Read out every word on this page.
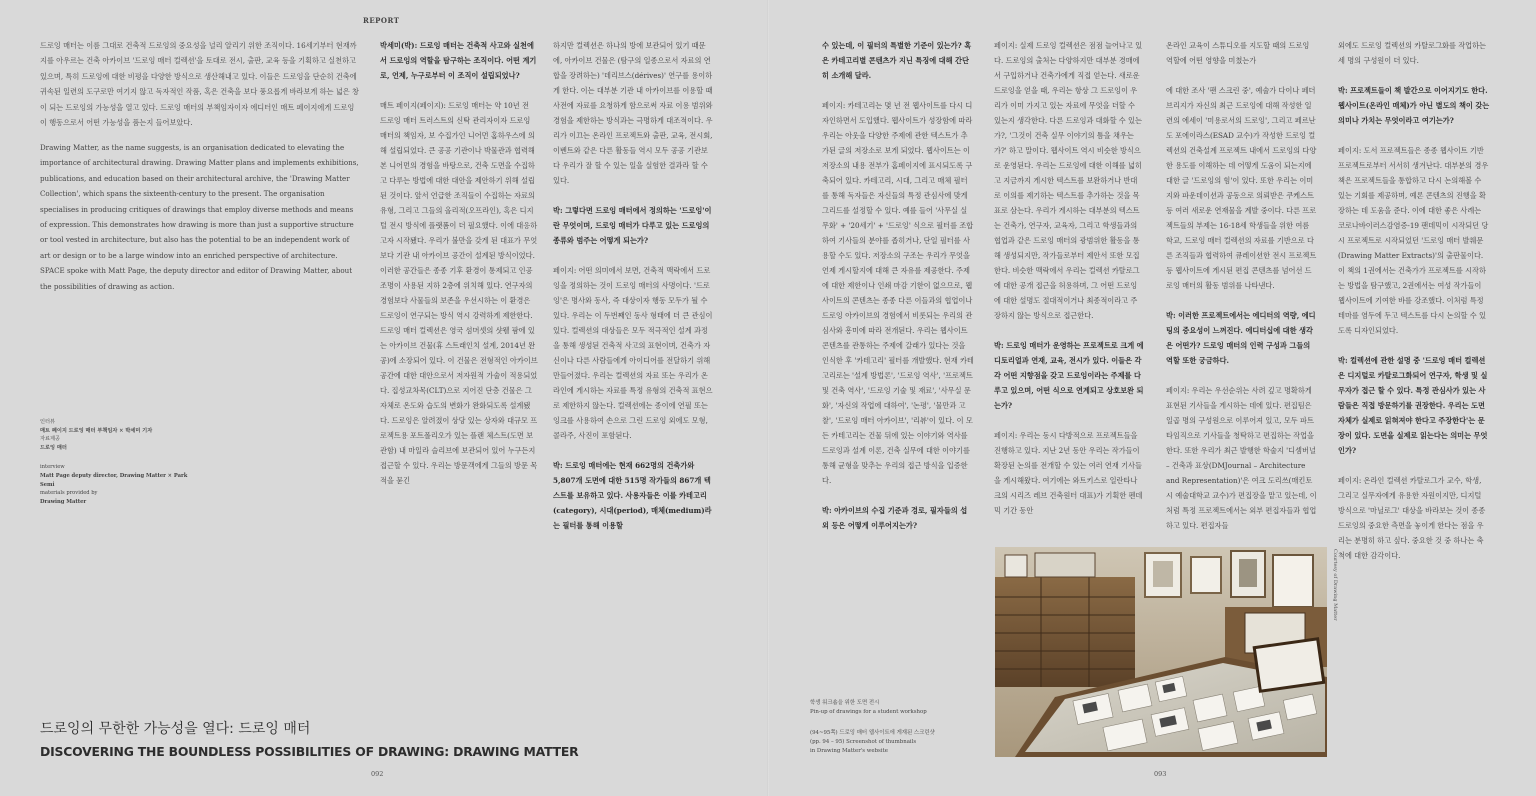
REPORT
드로잉 매터는 이름 그대로 건축적 드로잉의 중요성을 널리 알리기 위한 조직이다. 16세기부터 현재까지를 아우르는 건축 아카이브 '드로잉 매터 컬렉션'을 토대로 전시, 출판, 교육 등을 기획하고 실천하고 있으며, 특히 드로잉에 대한 비평을 다양한 방식으로 생산해내고 있다. 이들은 드로잉을 단순히 건축에 귀속된 일련의 도구로만 여기지 않고 독자적인 작품, 혹은 건축을 보다 풍요롭게 바라보게 하는 넓은 창이 되는 드로잉의 가능성을 열고 있다. 드로잉 매터의 부책임자이자 에디터인 매트 페이지에게 드로잉이 행동으로서 어떤 가능성을 품는지 들어보았다.
Drawing Matter, as the name suggests, is an organisation dedicated to elevating the importance of architectural drawing. Drawing Matter plans and implements exhibitions, publications, and education based on their architectural archive, the 'Drawing Matter Collection', which spans the sixteenth-century to the present. The organisation specialises in producing critiques of drawings that employ diverse methods and means of expression. This demonstrates how drawing is more than just a supportive structure or tool vested in architecture, but also has the potential to be an independent work of art or design or to be a large window into an enriched perspective of architecture. SPACE spoke with Matt Page, the deputy director and editor of Drawing Matter, about the possibilities of drawing as action.
인터뷰
매트 페이지 드로잉 매터 부책임자 × 박세미 기자
자료제공
드로잉 매터
interview
Matt Page deputy director, Drawing Matter × Park Semi
materials provided by
Drawing Matter
드로잉의 무한한 가능성을 열다: 드로잉 매터
DISCOVERING THE BOUNDLESS POSSIBILITIES OF DRAWING: DRAWING MATTER
092	093

박세미(박): 드로잉 매터는 건축적 사고와 실천에서 드로잉의 역할을 탐구하는 조직이다. 어떤 계기로, 언제, 누구로부터 이 조직이 설립되었나?

매트 페이지(페이지): 드로잉 매터는 약 10년 전 드로잉 매터 트러스트의 신탁 관리자이자 드로잉 매터의 책임자, 보 수집가인 니어먼 홈하우스에 의해 설립되었다. 큰 공공 기관이나 박물관과 협력해본 니어먼의 경험을 바탕으로, 건축 도면을 수집하고 다루는 방법에 대한 대안을 제안하기 위해 설립된 것이다. 앞서 언급한 조직들이 수집하는 자료의 유형, 그리고 그들의 올리적(오프라인), 혹은 디지털 전시 방식에 플랫폼이 더 필요했다. 이에 대응하고자 시작됐다. 우리가 불만을 갖게 된 대표가 무엇보다 기관 내 아카이브 공간이 설계된 방식이었다. 이러한 공간들은 종종 기후 환경이 통제되고 인공 조명이 사용된 지하 2층에 위치해 있다. 연구자의 경험보다 사물들의 보존을 우선시하는 이 환경은 드로잉이 연구되는 방식 역시 강력하게 제한한다. 드로잉 매터 컬렉션은 영국 섬머셋의 샷웰 팜에 있는 아카이브 건물(휴 스트래인치 설계, 2014년 완공)에 소장되어 있다. 이 건물은 전형적인 아카이브 공간에 대한 대안으로서 저자원적 가술이 적용되었다. 집성교차목(CLT)으로 지어진 단층 건물은 그 자체로 온도와 습도의 변화가 완화되도록 설계됐다. 드로잉은 알려졌이 상당 있는 상자와 대규모 프로젝트용 포트폴리오가 있는 플랜 체스트(도면 보관함) 내 마일라 슬리브에 보관되어 있어 누구든지 접근할 수 있다. 우리는 방문객에게 그들의 방문 목적을 묻긴

하지만 컬렉션은 하나의 방에 보관되어 있기 때문에, 아카이브 건물은 (탐구의 일종으로서 자료의 연합을 장려하는) '데리브스(dérives)' 연구를 용이하게 한다. 이는 대부분 기관 내 아카이브를 이용할 때 사전에 자료를 요청하게 함으로써 자료 이용 범위와 경험을 제한하는 방식과는 극명하게 대조적이다. 우리가 이끄는 온라인 프로젝트와 출판, 교육, 전시회, 이벤트와 같은 다른 활동들 역시 모두 공공 기관보다 우리가 잘 할 수 있는 일을 실험한 결과라 할 수 있다.

박: 그렇다면 드로잉 매터에서 정의하는 '드로잉'이란 무엇이며, 드로잉 매터가 다루고 있는 드로잉의 종류와 범주는 어떻게 되는가?

페이지: 어떤 의미에서 보면, 건축적 맥락에서 드로잉을 정의하는 것이 드로잉 매터의 사명이다. '드로잉'은 명사와 동사, 즉 대상이자 행동 모두가 될 수 있다. 우리는 이 두번째인 동사 형태에 더 큰 관심이 있다. 컬렉션의 대상들은 모두 적극적인 설계 과정을 통해 생성된 건축적 사고의 표현이며, 건축가 자신이나 다른 사람들에게 아이디어를 전달하기 위해 만들어졌다. 우리는 컬렉션의 자료 또는 우리가 온라인에 게시하는 자료를 특정 유형의 건축적 표현으로 제한하지 않는다. 컬렉션에는 종이에 연필 또는 잉크를 사용하여 손으로 그린 드로잉 외에도 모형, 콜라주, 사진이 포함된다.

박: 드로잉 매터에는 현재 662명의 건축가와 5,807개 도면에 대한 515명 작가들의 867개 텍스트를 보유하고 있다. 사용자들은 이를 카테고리(category), 시대(period), 매체(medium)라는 필터를 통해 이용할

수 있는데, 이 필터의 특별한 기준이 있는가? 혹은 카테고리별 콘텐츠가 지닌 특징에 대해 간단히 소개해 달라.

페이지: 카테고리는 몇 년 전 웹사이트를 다시 디자인하면서 도입했다. 웹사이트가 성장함에 따라 우리는 아웃을 다양한 주제에 관한 텍스트가 추가된 글의 저장소로 보게 되었다. 웹사이트는 이 저장소의 내용 전부가 홈페이지에 표시되도록 구축되어 있다. 카테고리, 시대, 그리고 매체 필터를 통해 독자들은 자신들의 특정 관심사에 맞게 그리드를 설정할 수 있다. 예를 들어 '사무실 실무화' + '20세기' + '드로잉' 식으로 필터를 조합하여 기사들의 분야를 좁히거나, 단일 필터를 사용할 수도 있다. 저장소의 구조는 우리가 무엇을 언제 게시할지에 대해 큰 자유를 제공한다. 주제에 대한 제한이나 인쇄 마감 기한이 없으므로, 웹사이트의 콘텐츠는 종종 다른 이들과의 협업이나 드로잉 아카이브의 경험에서 비롯되는 우리의 관심사와 흥미에 따라 전개된다. 우리는 웹사이트 콘텐츠를 관통하는 주제에 갈래가 있다는 것을 인식한 후 '카테고리' 필터를 개발했다. 현재 카테고리로는 '설계 방법론', '드로잉 역사', '프로젝트 및 건축 역사', '드로잉 기술 및 재료', '사무실 문화', '자신의 작업에 대하여', '논평', '물만과 고찰', '드로잉 매터 아카이브', '리뷰'이 있다. 이 모든 카테고리는 건물 뒤에 있는 이야기와 역사를 드로잉과 설계 이론, 건축 실무에 대한 이야기를 통해 균형을 맞추는 우리의 접근 방식을 입증한다.

박: 아카이브의 수집 기준과 경로, 필자들의 섭외 등은 어떻게 이루어지는가?

페이지: 실제 드로잉 컬렉션은 점점 늘어나고 있다. 드로잉의 출처는 다양하지만 대부분 경매에서 구입하거나 건축가에게 직접 얻는다. 새로운 드로잉을 얻을 때, 우리는 항상 그 드로잉이 우리가 이미 가지고 있는 자료에 무엇을 더할 수 있는지 생각한다. 다른 드로잉과 대화할 수 있는가?, '그것이 건축 실무 이야기의 틈을 채우는가?' 하고 말이다. 웹사이트 역시 비슷한 방식으로 운영된다. 우리는 드로잉에 대한 이해를 넓히고 지금까지 게시한 텍스트를 보완하거나 반대로 이의를 제기하는 텍스트를 추가하는 것을 목표로 삼는다. 우리가 게시하는 대부분의 텍스트는 건축가, 연구자, 교육자, 그리고 학생들과의 협업과 같은 드로잉 매터의 광범위한 활동을 통해 생성되지만, 작가들로부터 제안서 또한 모집한다. 비슷한 맥락에서 우리는 컬렉션 카탈로그에 대한 공개 접근을 허용하며, 그 어떤 드로잉에 대한 설명도 절대적이거나 최종적이라고 주장하지 않는 방식으로 접근한다.

박: 드로잉 매터가 운영하는 프로젝트로 크게 에디토리얼과 연재, 교육, 전시가 있다. 이들은 각각 어떤 지향점을 갖고 드로잉이라는 주제를 다루고 있으며, 어떤 식으로 연계되고 상호보완 되는가?

페이지: 우리는 동시 다방적으로 프로젝트들을 진행하고 있다. 지난 2년 동안 우리는 작가들이 확장된 논의를 전개할 수 있는 여러 연재 기사들을 게시해왔다. 여기에는 와트키스로 일란타나크의 시리즈 레브 건축원터 대표)가 기획한 펜데믹 기간 동안

온라인 교육이 스튜디오를 지도할 때의 드로잉 역할에 어떤 영향을 미쳤는가

에 대한 조사 '팬 스크린 중', 예술가 다이나 페더브리지가 자신의 최근 드로잉에 대해 작성한 일련의 에세이 '미용로서의 드로잉', 그리고 페르난도 포에이라스(ESAD 교수)가 작성한 드로잉 컬렉션의 건축설계 프로젝트 내에서 드로잉의 다양한 용도를 이해하는 데 어떻게 도움이 되는지에 대한 글 '드로잉의 힘'이 있다. 또한 우리는 이미지와 파운데이션과 공동으로 의뢰받은 쿠케스트 등 여러 새로운 연재물을 계발 중이다. 다른 프로젝트들의 부제는 16-18세 학생들을 위한 여름 학교, 드로잉 매터 컬렉션의 자료를 기반으로 다른 조직들과 협력하여 큐레이션한 전시 프로젝트 등 웹사이트에 게시된 편집 콘텐츠를 넘어선 드로잉 매터의 활동 범위를 나타낸다.

박: 이러한 프로젝트에서는 에디터의 역량, 에디팅의 중요성이 느껴진다. 에디터십에 대한 생각은 어떤가? 드로잉 매터의 인력 구성과 그들의 역할 또한 궁금하다.

페이지: 우리는 우선순위는 사려 깊고 명확하게 표현된 기사들을 게시하는 데에 있다. 편집팀은 일곱 명의 구성원으로 이루어져 있고, 모두 파트타임직으로 기사들을 청탁하고 편집하는 작업을 한다. 또한 우리가 최근 발행한 학술지 '디셈버널 – 건축과 표상(DMJournal – Architecture and Representation)'은 여크 도리쓰(매킨토시 예술대학교 교수)가 편집장을 맡고 있는데, 이처럼 특정 프로젝트에서는 외부 편집자들과 협업하고 있다. 편집자들

외에도 드로잉 컬렉션의 카탈로그화를 작업하는 세 명의 구성원이 더 있다.

박: 프로젝트들이 책 발간으로 이어지기도 한다. 웹사이트(온라인 매체)가 아닌 별도의 책이 갖는 의미나 가치는 무엇이라고 여기는가?

페이지: 도서 프로젝트들은 종종 웹사이트 기반 프로젝트로부터 서서히 생겨난다. 대부분의 경우 책은 프로젝트들을 통합하고 다시 논의해볼 수 있는 기회를 제공하며, 예론 콘텐츠의 진행을 확장하는 데 도움을 준다. 이에 대한 좋은 사례는 코로나바이러스감염증-19 팬데믹이 시작되던 당시 프로젝트로 시작되었던 '드로잉 매터 발췌문(Drawing Matter Extracts)'의 출판물이다. 이 책의 1권에서는 건축가가 프로젝트를 시작하는 방법을 탐구했고, 2권에서는 여성 작가들이 웹사이트에 기여한 바를 강조했다. 이처럼 특정 테마를 염두에 두고 텍스트를 다시 논의할 수 있도록 디자인되었다.

박: 컬렉션에 관한 설명 중 '드로잉 매터 컬렉션은 디지털로 카탈로그화되어 연구자, 학생 및 실무자가 접근 할 수 있다. 특정 관심사가 있는 사람들은 직접 방문하기를 권장한다. 우리는 도면 자체가 실제로 읽혀져야 한다고 주장한다'는 문장이 있다. 도면을 실제로 읽는다는 의미는 무엇인가?

페이지: 온라인 컬렉션 카탈로그가 교수, 학생, 그리고 실무자에게 유용한 자원이지만, 디지털 방식으로 '마닐로그' 대상을 바라보는 것이 종종 드로잉의 중요한 측면을 놓이게 한다는 점을 우리는 분명히 하고 싶다. 중요한 것 중 하나는 축척에 대한 감각이다.

Courtesy of Drawing Matter
학생 워크숍을 위한 도면 전시
Pin-up of drawings for a student workshop
(94~95쪽) 드로잉 매터 웹사이트에 게재된 스크린샷
(pp. 94 – 95) Screenshot of thumbnails
in Drawing Matter's website
